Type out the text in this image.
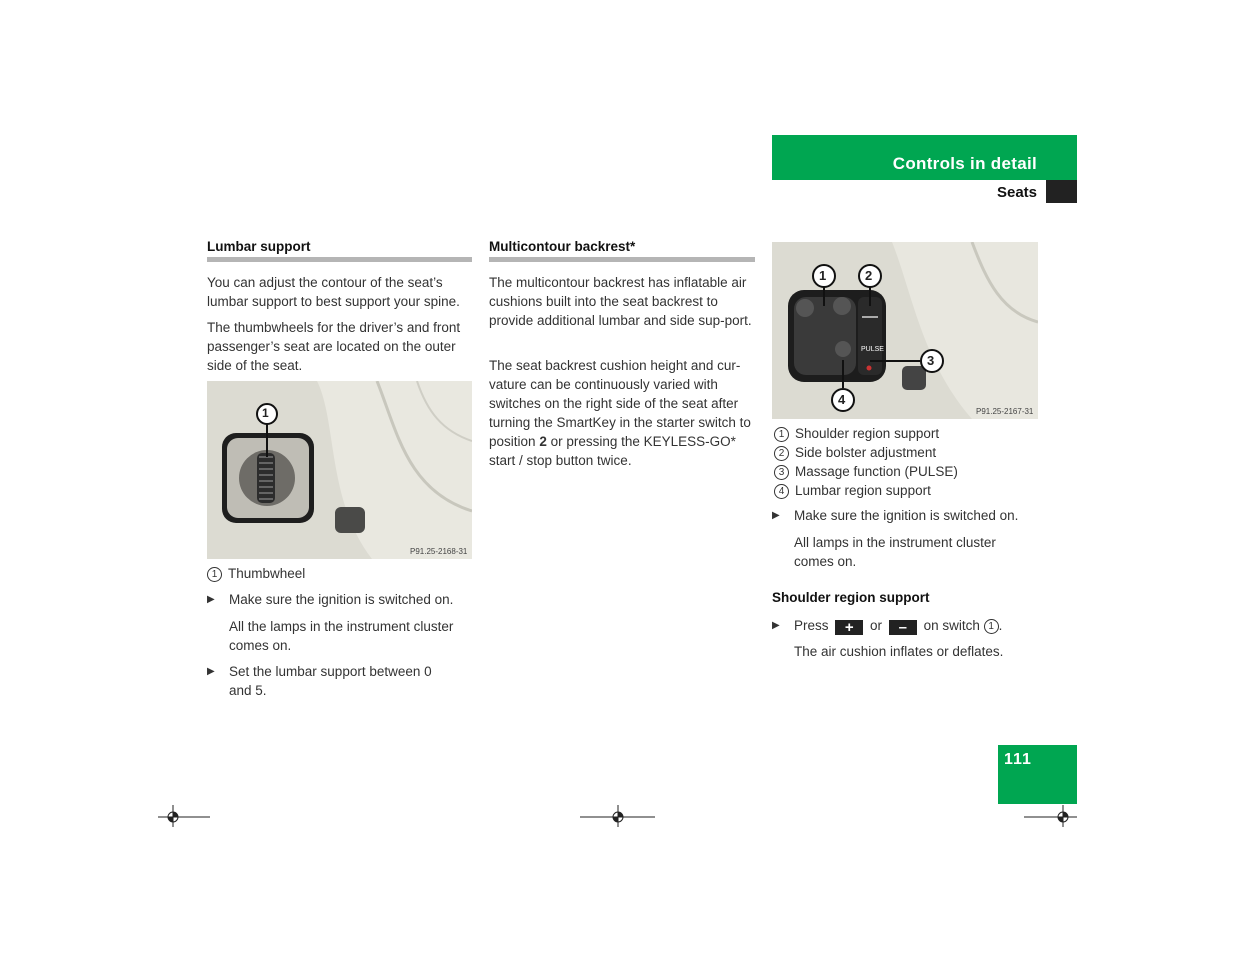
Controls in detail
Seats
Lumbar support
You can adjust the contour of the seat’s lumbar support to best support your spine.
The thumbwheels for the driver’s and front passenger’s seat are located on the outer side of the seat.
1
P91.25-2168-31
1 Thumbwheel
▶ Make sure the ignition is switched on.
All the lamps in the instrument cluster comes on.
▶ Set the lumbar support between 0 and 5.
Multicontour backrest*
The multicontour backrest has inflatable air cushions built into the seat backrest to provide additional lumbar and side sup-port.
The seat backrest cushion height and cur-vature can be continuously varied with switches on the right side of the seat after turning the SmartKey in the starter switch to position 2 or pressing the KEYLESS-GO* start / stop button twice.
1	2
3
4
PULSE
P91.25-2167-31
1 Shoulder region support
2 Side bolster adjustment
3 Massage function (PULSE)
4 Lumbar region support
▶ Make sure the ignition is switched on.
All lamps in the instrument cluster comes on.
Shoulder region support
▶ Press + or – on switch 1 .
The air cushion inflates or deflates.
111
